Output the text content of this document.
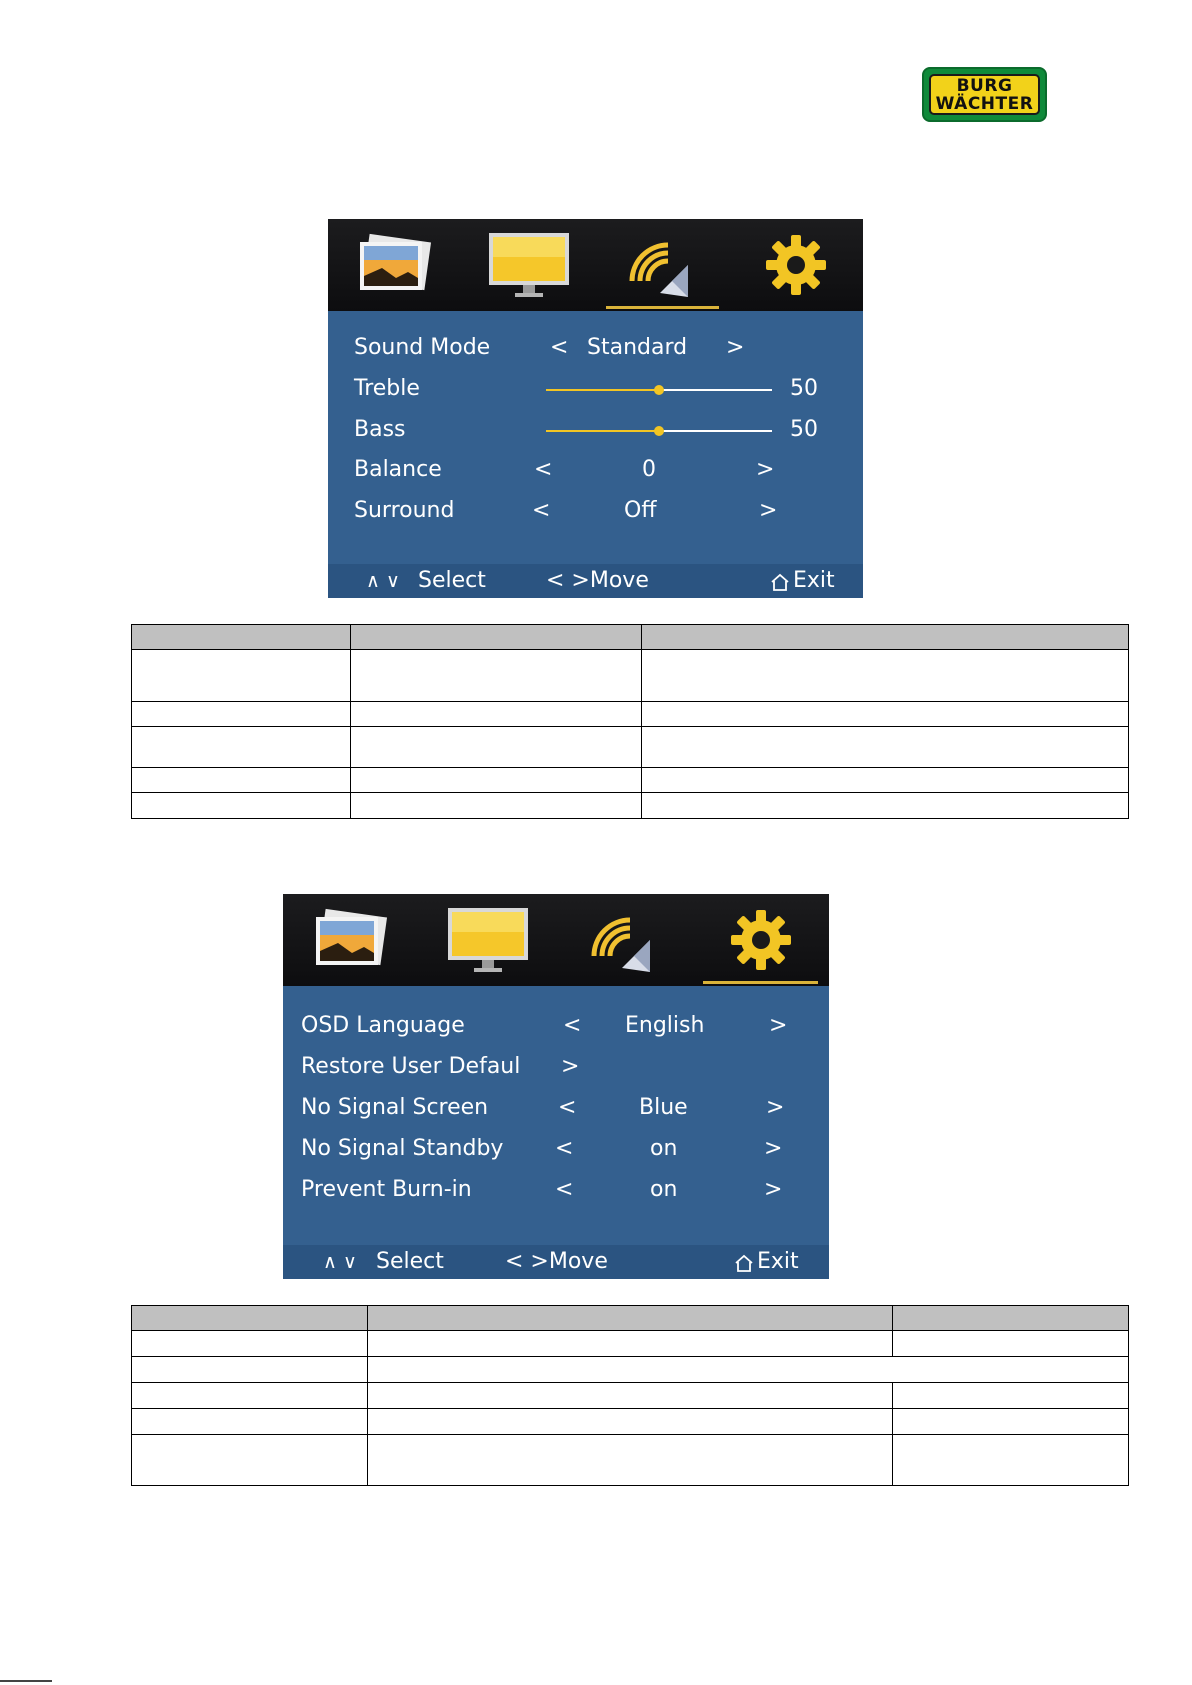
BURG
WÄCHTER
Sound Mode	< Standard >
Treble	50
Bass	50
Balance	<	0	>
Surround	<	Off	>
∧ ∨ Select	< >Move	Exit

OSD Language	< English	>
Restore User Defaul >
No Signal Screen	<	Blue	>
No Signal Standby <	on	>
Prevent Burn-in	<	on	>
∧ ∨ Select	< >Move	Exit
